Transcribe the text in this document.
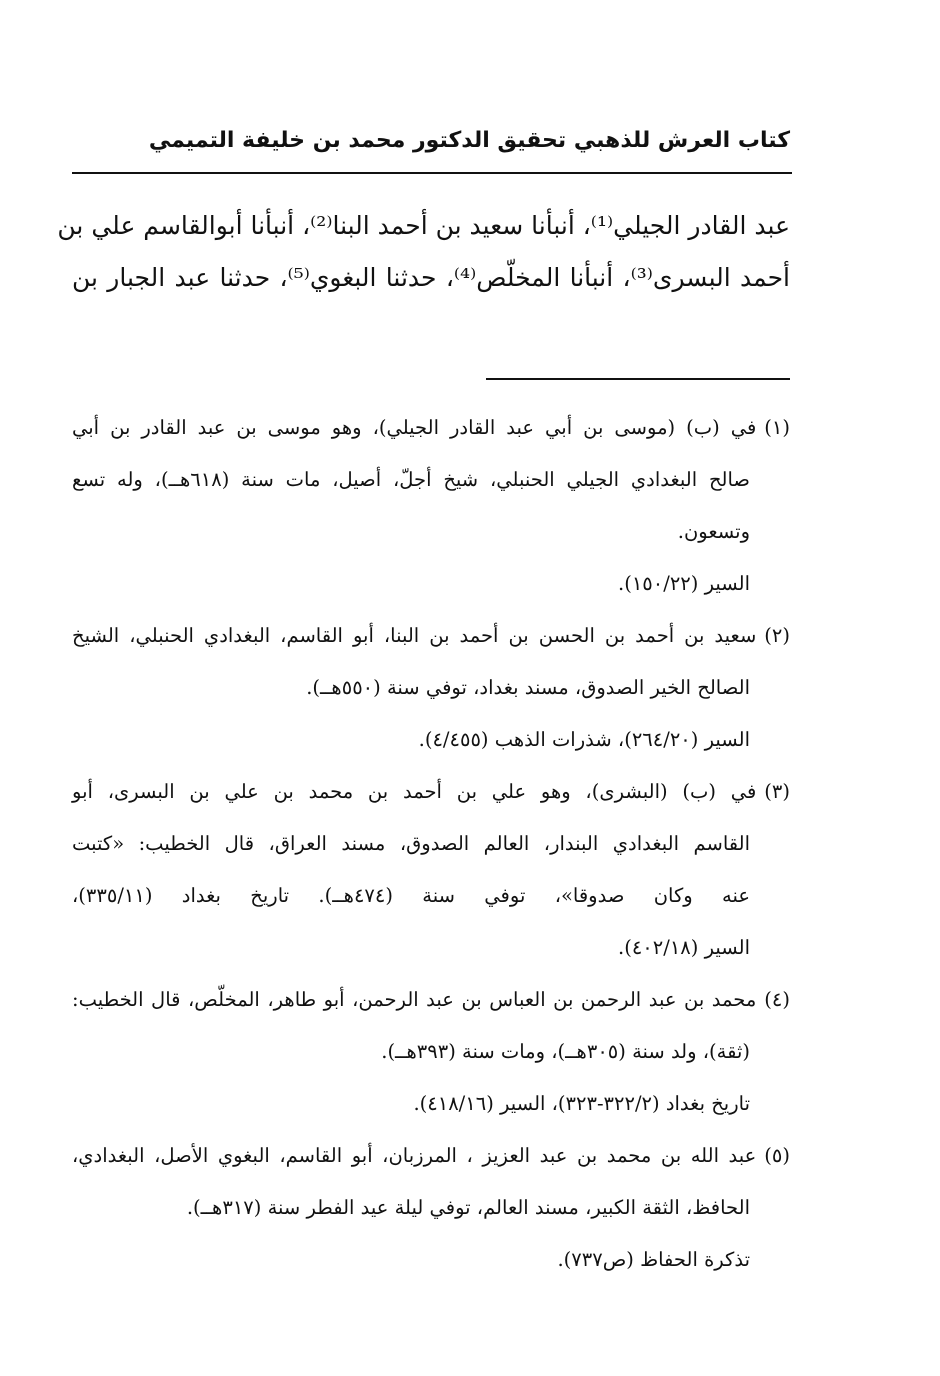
كتاب العرش للذهبي تحقيق الدكتور محمد بن خليفة التميمي
عبد القادر الجيلي⁽¹⁾، أنبأنا سعيد بن أحمد البنا⁽²⁾، أنبأنا أبوالقاسم علي بن
أحمد البسرى⁽³⁾، أنبأنا المخلّص⁽⁴⁾، حدثنا البغوي⁽⁵⁾، حدثنا عبد الجبار بن
(١)في (ب) (موسى بن أبي عبد القادر الجيلي)، وهو موسى بن عبد القادر بن أبي
صالح البغدادي الجيلي الحنبلي، شيخ أجلّ، أصيل، مات سنة (٦١٨هــ)، وله تسع
وتسعون.
السير (١٥٠/٢٢).
(٢)سعيد بن أحمد بن الحسن بن أحمد بن البنا، أبو القاسم، البغدادي الحنبلي، الشيخ
الصالح الخير الصدوق، مسند بغداد، توفي سنة (٥٥٠هــ).
السير (٢٦٤/٢٠)، شذرات الذهب (٤/٤٥٥).
(٣)في (ب) (البشرى)، وهو علي بن أحمد بن محمد بن علي بن البسرى، أبو
القاسم البغدادي البندار، العالم الصدوق، مسند العراق، قال الخطيب: «كتبت
عنه وكان صدوقا»، توفي سنة (٤٧٤هــ). تاريخ بغداد (٣٣٥/١١)،
السير (٤٠٢/١٨).
(٤)محمد بن عبد الرحمن بن العباس بن عبد الرحمن، أبو طاهر، المخلّص، قال الخطيب:
(ثقة)، ولد سنة (٣٠٥هــ)، ومات سنة (٣٩٣هــ).
تاريخ بغداد (٣٢٢/٢-٣٢٣)، السير (٤١٨/١٦).
(٥)عبد الله بن محمد بن عبد العزيز ، المرزبان، أبو القاسم، البغوي الأصل، البغدادي،
الحافظ، الثقة الكبير، مسند العالم، توفي ليلة عيد الفطر سنة (٣١٧هــ).
تذكرة الحفاظ (ص٧٣٧).
